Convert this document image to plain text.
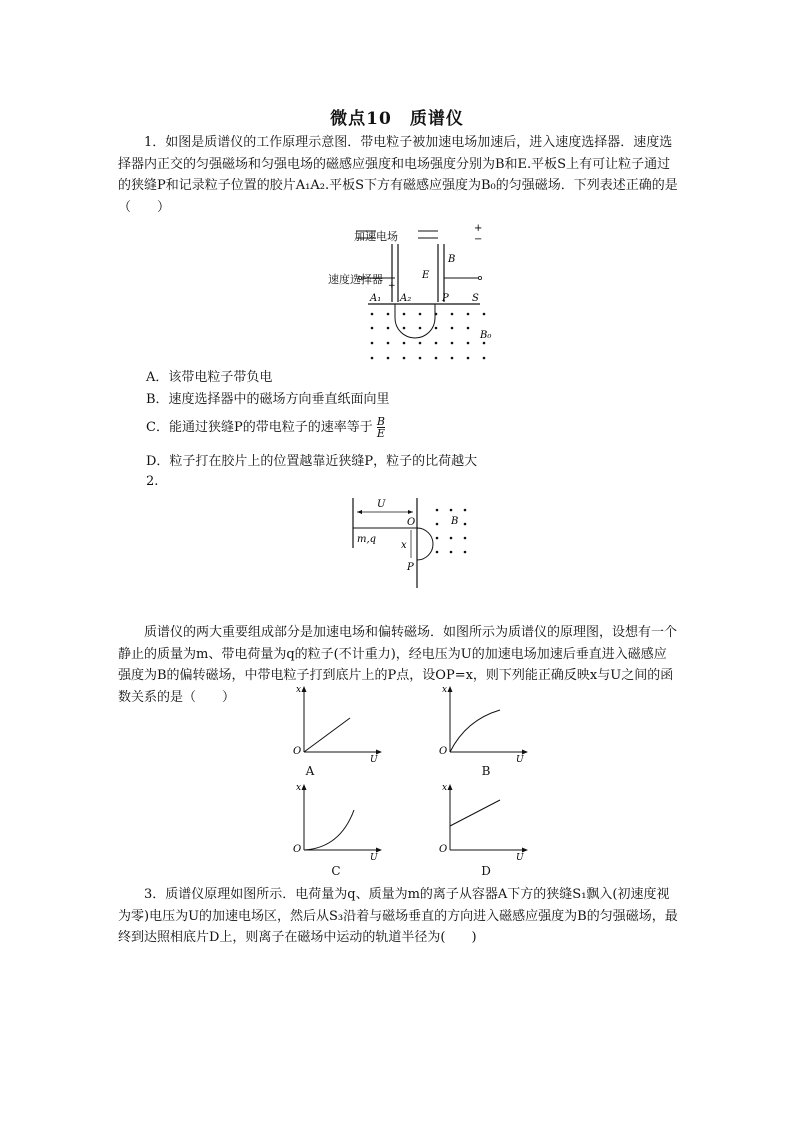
微点10　质谱仪

1．如图是质谱仪的工作原理示意图．带电粒子被加速电场加速后，进入速度选择器．速度选择器内正交的匀强磁场和匀强电场的磁感应强度和电场强度分别为B和E.平板S上有可让粒子通过的狭缝P和记录粒子位置的胶片A₁A₂.平板S下方有磁感应强度为B₀的匀强磁场．下列表述正确的是（　　）

+
−
+
E
B
A₁ A₂	P S
B₀
加速电场
速度选择器
A．该带电粒子带负电
B．速度选择器中的磁场方向垂直纸面向里
C．能通过狭缝P的带电粒子的速率等于 $\frac{B}{E}$
D．粒子打在胶片上的位置越靠近狭缝P，粒子的比荷越大
2.
U
O
m,q
x
P
B

质谱仪的两大重要组成部分是加速电场和偏转磁场．如图所示为质谱仪的原理图，设想有一个静止的质量为m、带电荷量为q的粒子(不计重力)，经电压为U的加速电场加速后垂直进入磁感应强度为B的偏转磁场，中带电粒子打到底片上的P点，设OP=x，则下列能正确反映x与U之间的函数关系的是（　　）	x
O
U
A
x
O
U
B
x
O
U
C
x
O
U
D

3．质谱仪原理如图所示．电荷量为q、质量为m的离子从容器A下方的狭缝S₁飘入(初速度视为零)电压为U的加速电场区，然后从S₃沿着与磁场垂直的方向进入磁感应强度为B的匀强磁场，最终到达照相底片D上，则离子在磁场中运动的轨道半径为(　　)
